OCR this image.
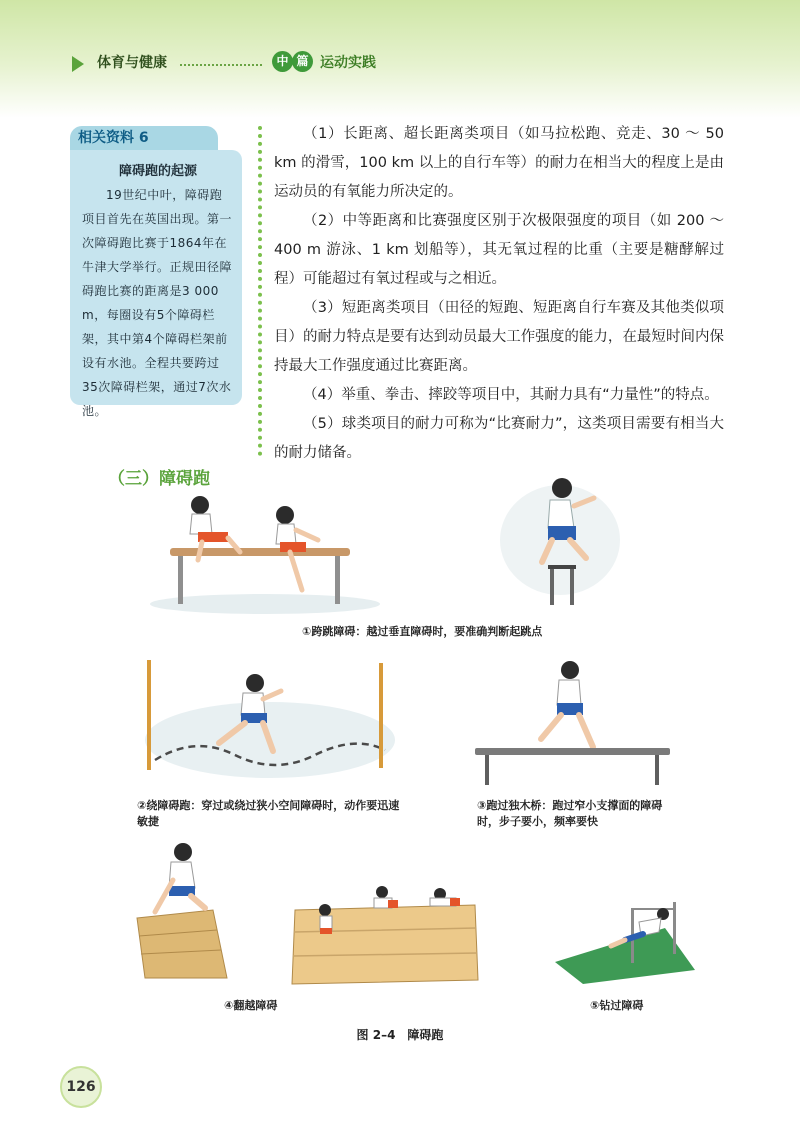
体育与健康	中 篇 运动实践
相关资料 6
障碍跑的起源
19世纪中叶，障碍跑项目首先在英国出现。第一次障碍跑比赛于1864年在牛津大学举行。正规田径障碍跑比赛的距离是3 000 m，每圈设有5个障碍栏架，其中第4个障碍栏架前设有水池。全程共要跨过35次障碍栏架，通过7次水池。

（1）长距离、超长距离类项目（如马拉松跑、竞走、30 ～ 50 km 的滑雪，100 km 以上的自行车等）的耐力在相当大的程度上是由运动员的有氧能力所决定的。

（2）中等距离和比赛强度区别于次极限强度的项目（如 200 ～ 400 m 游泳、1 km 划船等），其无氧过程的比重（主要是糖酵解过程）可能超过有氧过程或与之相近。

（3）短距离类项目（田径的短跑、短距离自行车赛及其他类似项目）的耐力特点是要有达到动员最大工作强度的能力，在最短时间内保持最大工作强度通过比赛距离。

（4）举重、拳击、摔跤等项目中，其耐力具有“力量性”的特点。

（5）球类项目的耐力可称为“比赛耐力”，这类项目需要有相当大的耐力储备。

（三）障碍跑
①跨跳障碍：越过垂直障碍时，要准确判断起跳点
②绕障碍跑：穿过或绕过狭小空间障碍时，动作要迅速敏捷
③跑过独木桥：跑过窄小支撑面的障碍时，步子要小，频率要快
④翻越障碍	⑤钻过障碍
图 2–4　障碍跑
126
